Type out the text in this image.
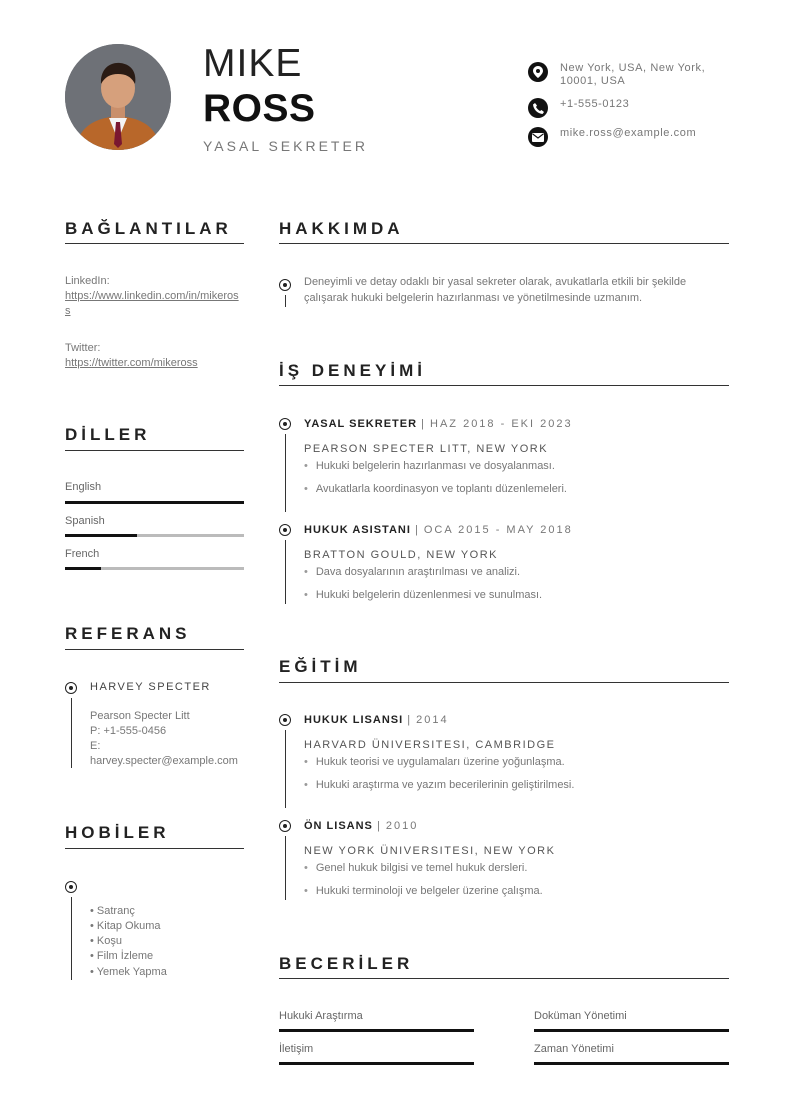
MIKE
ROSS
YASAL SEKRETER
New York, USA, New York, 10001, USA
+1-555-0123
mike.ross@example.com
BAĞLANTILAR
LinkedIn:
https://www.linkedin.com/in/mikeross
Twitter:
https://twitter.com/mikeross
DİLLER
English
Spanish
French
REFERANS
HARVEY SPECTER
Pearson Specter Litt
P: +1-555-0456
E: harvey.specter@example.com
HOBİLER
• Satranç
• Kitap Okuma
• Koşu
• Film İzleme
• Yemek Yapma
HAKKIMDA
Deneyimli ve detay odaklı bir yasal sekreter olarak, avukatlarla etkili bir şekilde çalışarak hukuki belgelerin hazırlanması ve yönetilmesinde uzmanım.
İŞ DENEYİMİ
YASAL SEKRETER | HAZ 2018 - EKI 2023
PEARSON SPECTER LITT, NEW YORK
• Hukuki belgelerin hazırlanması ve dosyalanması.
• Avukatlarla koordinasyon ve toplantı düzenlemeleri.
HUKUK ASISTANI | OCA 2015 - MAY 2018
BRATTON GOULD, NEW YORK
• Dava dosyalarının araştırılması ve analizi.
• Hukuki belgelerin düzenlenmesi ve sunulması.
EĞİTİM
HUKUK LISANSI | 2014
HARVARD ÜNIVERSITESI, CAMBRIDGE
• Hukuk teorisi ve uygulamaları üzerine yoğunlaşma.
• Hukuki araştırma ve yazım becerilerinin geliştirilmesi.
ÖN LISANS | 2010
NEW YORK ÜNIVERSITESI, NEW YORK
• Genel hukuk bilgisi ve temel hukuk dersleri.
• Hukuki terminoloji ve belgeler üzerine çalışma.
BECERİLER
Hukuki Araştırma	Doküman Yönetimi
İletişim	Zaman Yönetimi
